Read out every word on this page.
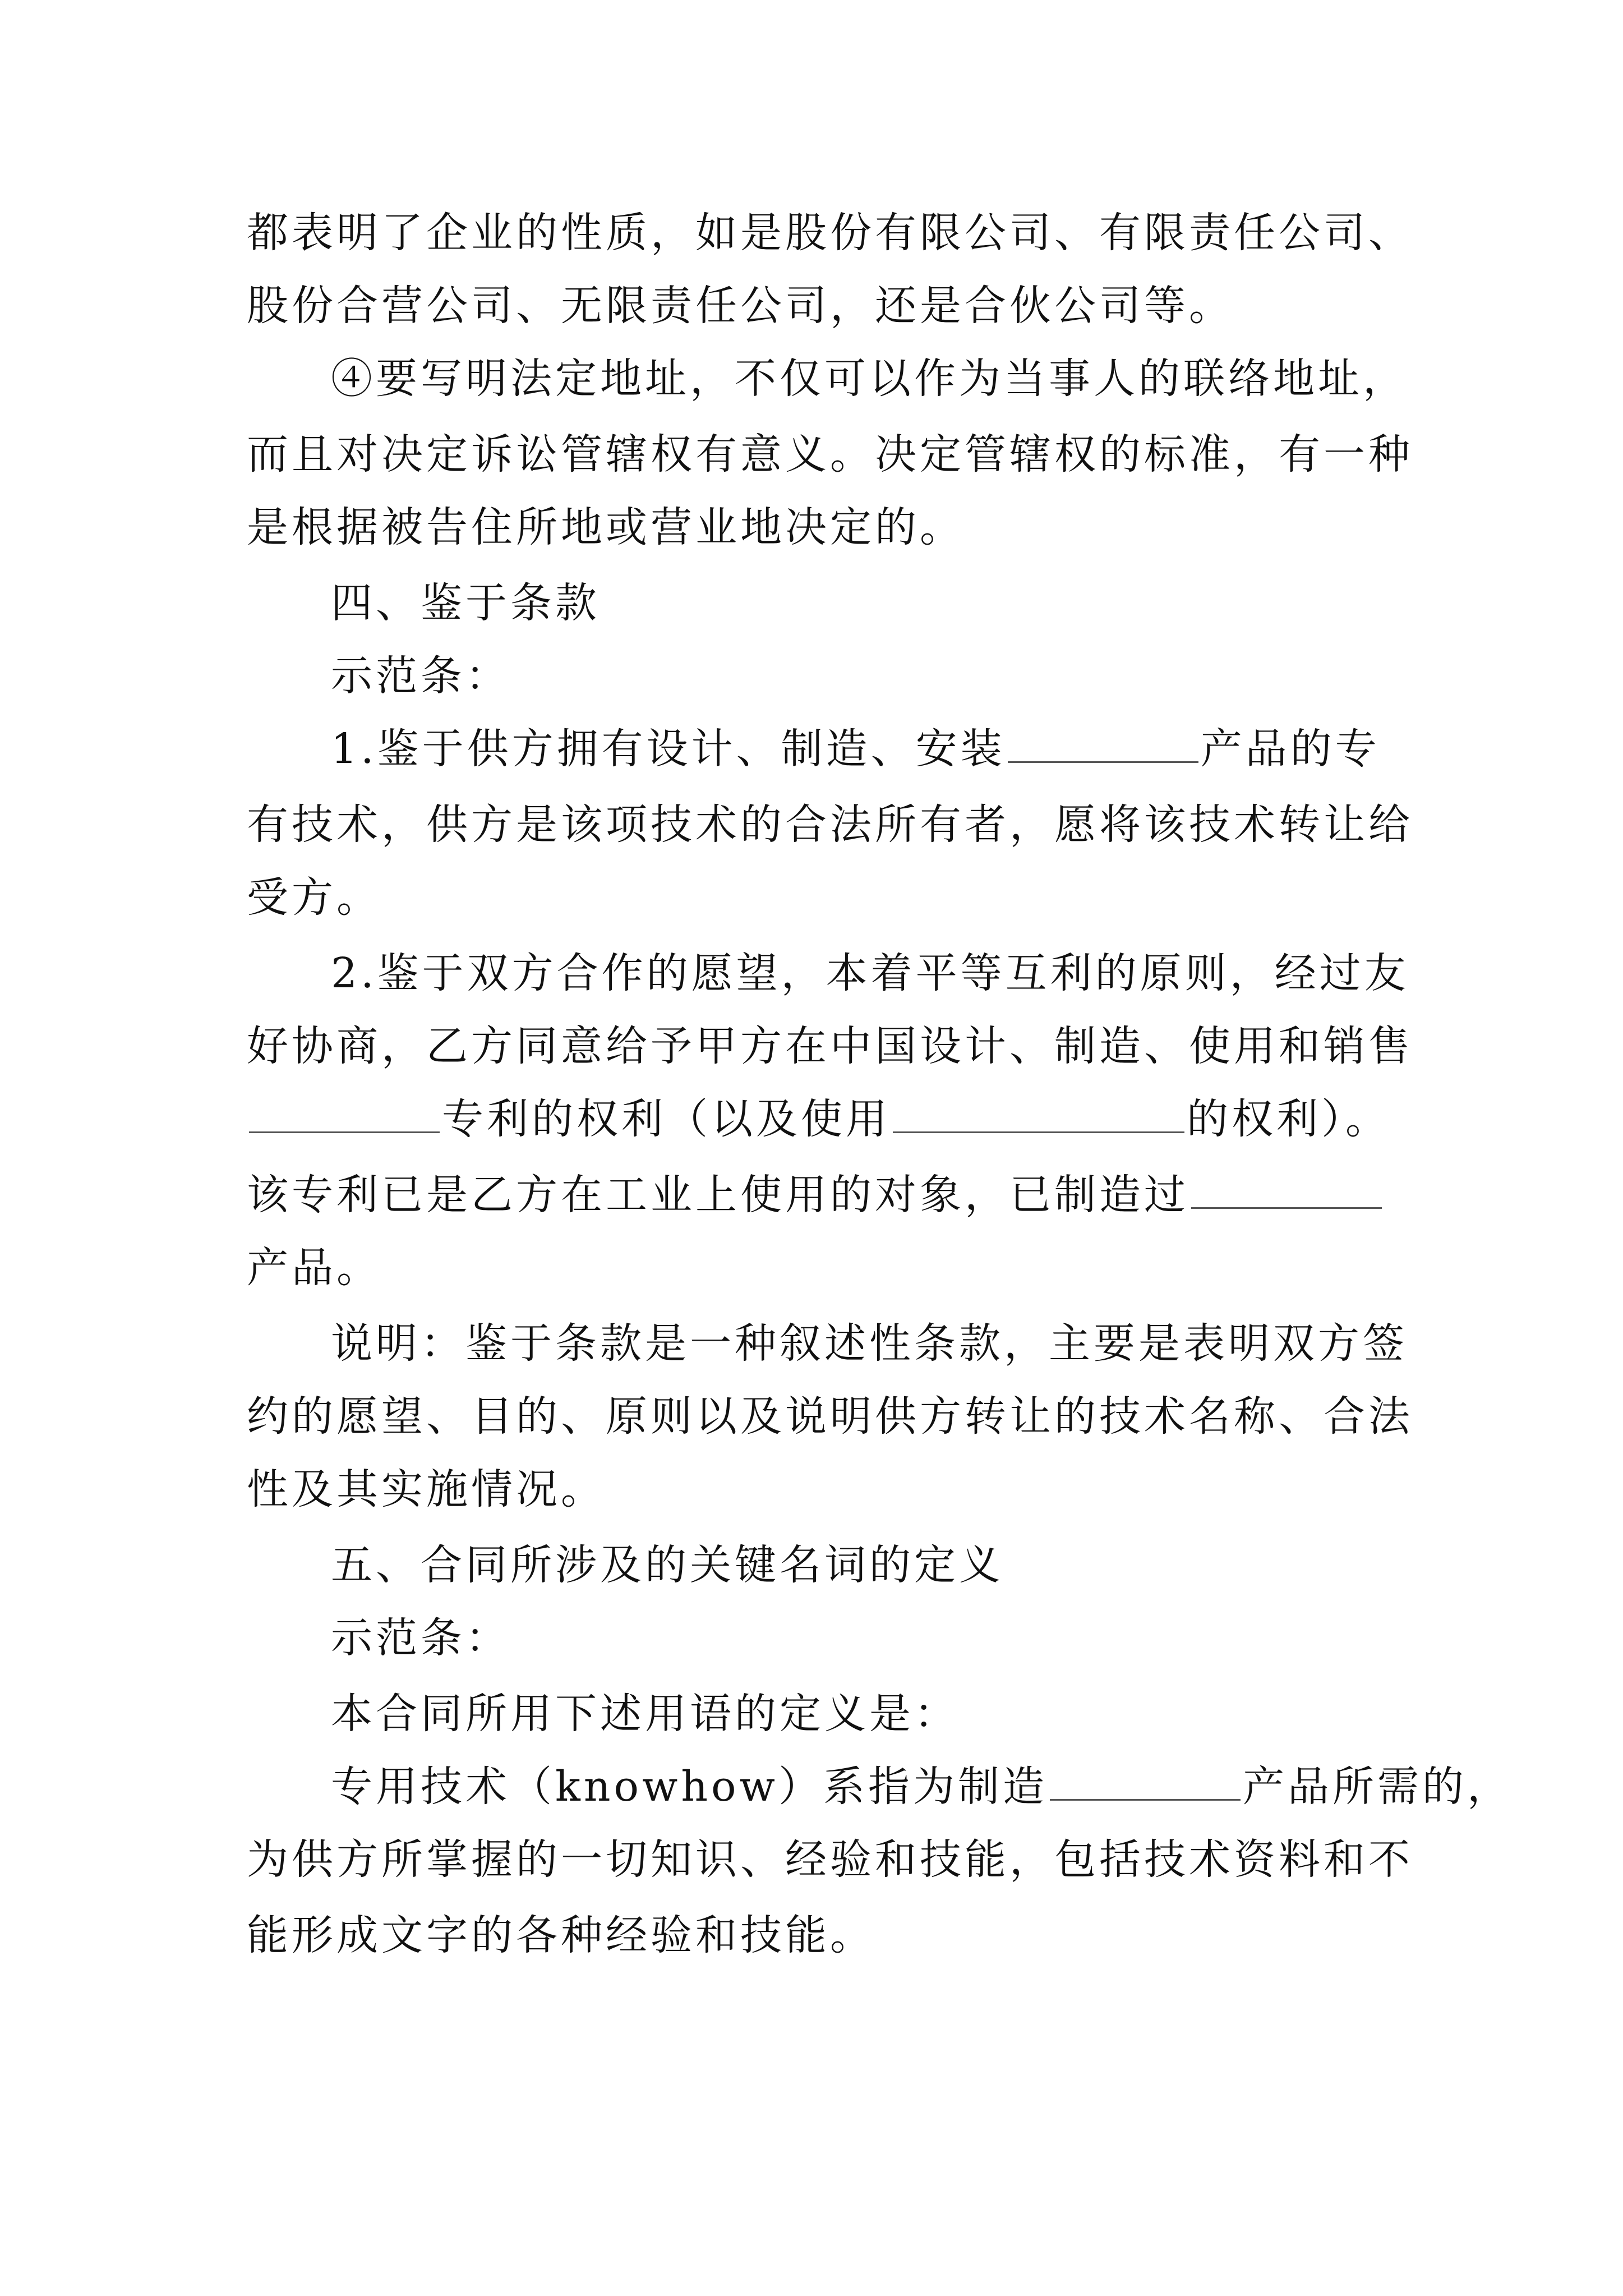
都表明了企业的性质，如是股份有限公司、有限责任公司、
股份合营公司、无限责任公司，还是合伙公司等。
④要写明法定地址，不仅可以作为当事人的联络地址，
而且对决定诉讼管辖权有意义。决定管辖权的标准，有一种
是根据被告住所地或营业地决定的。
四、鉴于条款
示范条：
1.鉴于供方拥有设计、制造、安装	产品的专
有技术，供方是该项技术的合法所有者，愿将该技术转让给
受方。
2.鉴于双方合作的愿望，本着平等互利的原则，经过友
好协商，乙方同意给予甲方在中国设计、制造、使用和销售
专利的权利（以及使用	的权利）。
该专利已是乙方在工业上使用的对象，已制造过
产品。
说明：鉴于条款是一种叙述性条款，主要是表明双方签
约的愿望、目的、原则以及说明供方转让的技术名称、合法
性及其实施情况。
五、合同所涉及的关键名词的定义
示范条：
本合同所用下述用语的定义是：
专用技术（knowhow）系指为制造	产品所需的，
为供方所掌握的一切知识、经验和技能，包括技术资料和不
能形成文字的各种经验和技能。
